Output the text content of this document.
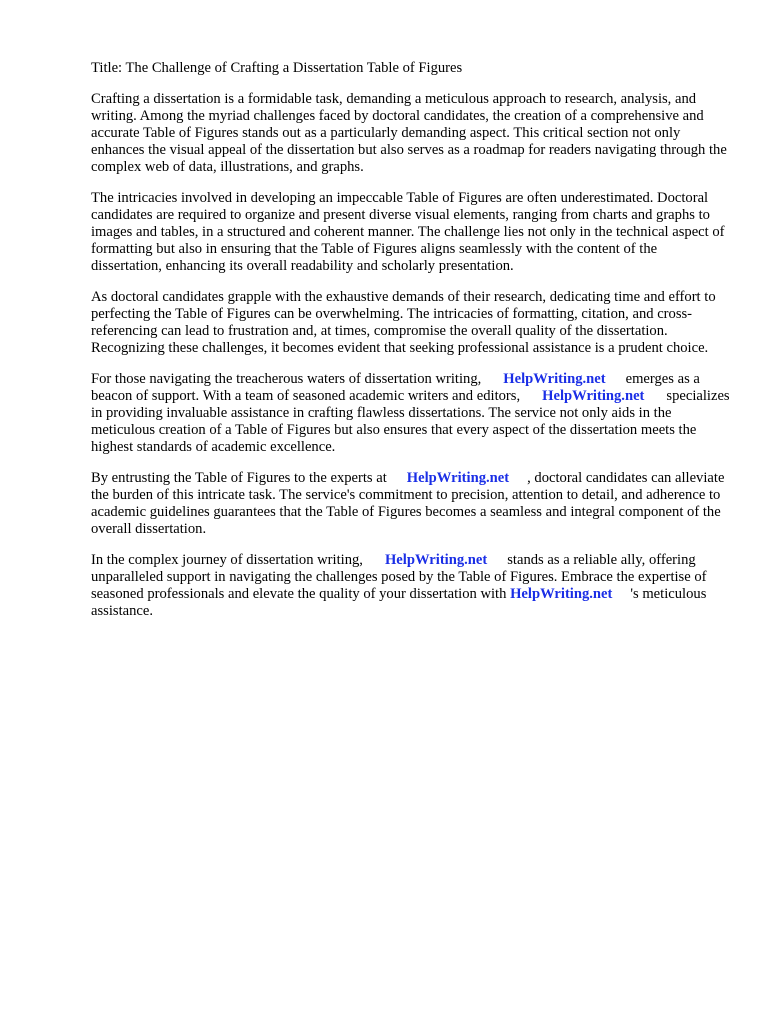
Title: The Challenge of Crafting a Dissertation Table of Figures

Crafting a dissertation is a formidable task, demanding a meticulous approach to research, analysis, and writing. Among the myriad challenges faced by doctoral candidates, the creation of a comprehensive and accurate Table of Figures stands out as a particularly demanding aspect. This critical section not only enhances the visual appeal of the dissertation but also serves as a roadmap for readers navigating through the complex web of data, illustrations, and graphs.

The intricacies involved in developing an impeccable Table of Figures are often underestimated. Doctoral candidates are required to organize and present diverse visual elements, ranging from charts and graphs to images and tables, in a structured and coherent manner. The challenge lies not only in the technical aspect of formatting but also in ensuring that the Table of Figures aligns seamlessly with the content of the dissertation, enhancing its overall readability and scholarly presentation.

As doctoral candidates grapple with the exhaustive demands of their research, dedicating time and effort to perfecting the Table of Figures can be overwhelming. The intricacies of formatting, citation, and cross-referencing can lead to frustration and, at times, compromise the overall quality of the dissertation. Recognizing these challenges, it becomes evident that seeking professional assistance is a prudent choice.

For those navigating the treacherous waters of dissertation writing, HelpWriting.net emerges as a beacon of support. With a team of seasoned academic writers and editors, HelpWriting.net specializes in providing invaluable assistance in crafting flawless dissertations. The service not only aids in the meticulous creation of a Table of Figures but also ensures that every aspect of the dissertation meets the highest standards of academic excellence.

By entrusting the Table of Figures to the experts at HelpWriting.net , doctoral candidates can alleviate the burden of this intricate task. The service's commitment to precision, attention to detail, and adherence to academic guidelines guarantees that the Table of Figures becomes a seamless and integral component of the overall dissertation.

In the complex journey of dissertation writing, HelpWriting.net stands as a reliable ally, offering unparalleled support in navigating the challenges posed by the Table of Figures. Embrace the expertise of seasoned professionals and elevate the quality of your dissertation with HelpWriting.net 's meticulous assistance.
